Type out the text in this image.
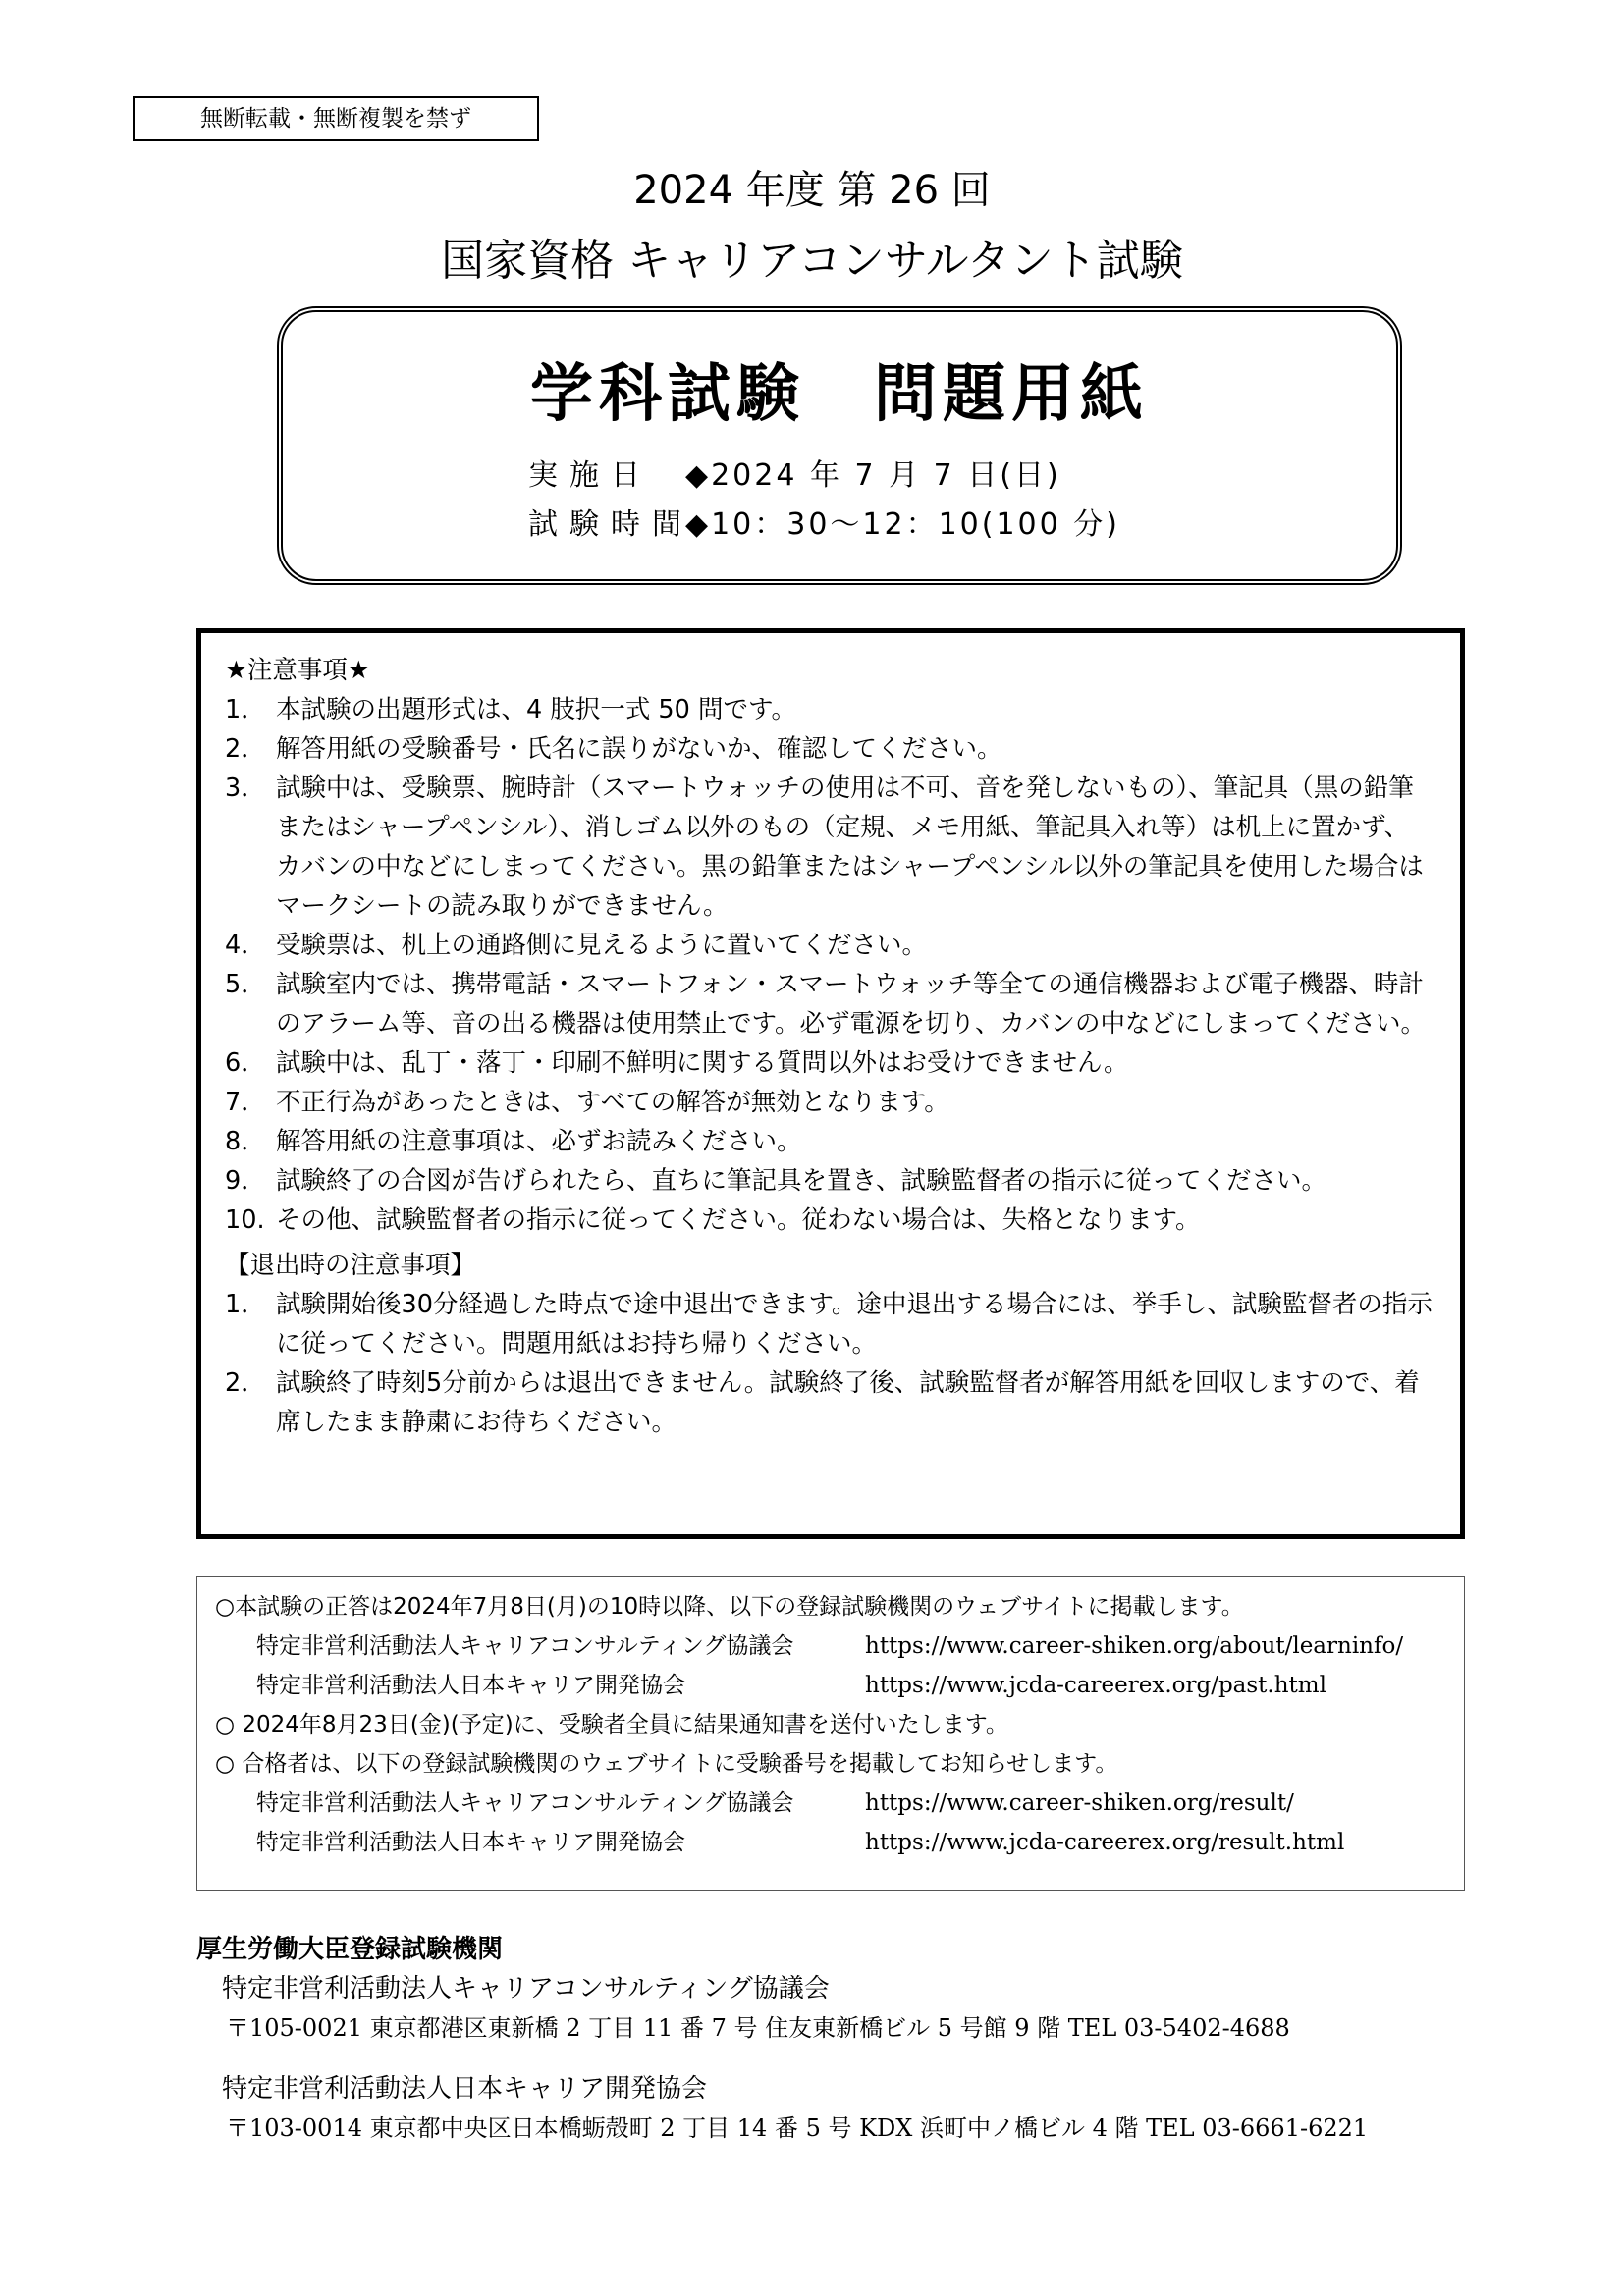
無断転載・無断複製を禁ず
2024 年度 第 26 回
国家資格 キャリアコンサルタント試験
学科試験　問題用紙
実施日 ◆2024 年 7 月 7 日(日)
試験時間◆10：30～12：10(100 分)
★注意事項★
1． 本試験の出題形式は、4 肢択一式 50 問です。
2． 解答用紙の受験番号・氏名に誤りがないか、確認してください。
3． 試験中は、受験票、腕時計（スマートウォッチの使用は不可、音を発しないもの）、筆記具（黒の鉛筆またはシャープペンシル）、消しゴム以外のもの（定規、メモ用紙、筆記具入れ等）は机上に置かず、カバンの中などにしまってください。黒の鉛筆またはシャープペンシル以外の筆記具を使用した場合はマークシートの読み取りができません。
4． 受験票は、机上の通路側に見えるように置いてください。
5． 試験室内では、携帯電話・スマートフォン・スマートウォッチ等全ての通信機器および電子機器、時計のアラーム等、音の出る機器は使用禁止です。必ず電源を切り、カバンの中などにしまってください。
6． 試験中は、乱丁・落丁・印刷不鮮明に関する質問以外はお受けできません。
7． 不正行為があったときは、すべての解答が無効となります。
8． 解答用紙の注意事項は、必ずお読みください。
9． 試験終了の合図が告げられたら、直ちに筆記具を置き、試験監督者の指示に従ってください。
10. その他、試験監督者の指示に従ってください。従わない場合は、失格となります。
【退出時の注意事項】
1． 試験開始後30分経過した時点で途中退出できます。途中退出する場合には、挙手し、試験監督者の指示に従ってください。問題用紙はお持ち帰りください。
2． 試験終了時刻5分前からは退出できません。試験終了後、試験監督者が解答用紙を回収しますので、着席したまま静粛にお待ちください。
○本試験の正答は2024年7月8日(月)の10時以降、以下の登録試験機関のウェブサイトに掲載します。
特定非営利活動法人キャリアコンサルティング協議会	https://www.career-shiken.org/about/learninfo/
特定非営利活動法人日本キャリア開発協会	https://www.jcda-careerex.org/past.html
○ 2024年8月23日(金)(予定)に、受験者全員に結果通知書を送付いたします。
○ 合格者は、以下の登録試験機関のウェブサイトに受験番号を掲載してお知らせします。
特定非営利活動法人キャリアコンサルティング協議会	https://www.career-shiken.org/result/
特定非営利活動法人日本キャリア開発協会	https://www.jcda-careerex.org/result.html
厚生労働大臣登録試験機関
特定非営利活動法人キャリアコンサルティング協議会
〒105-0021 東京都港区東新橋 2 丁目 11 番 7 号 住友東新橋ビル 5 号館 9 階 TEL 03-5402-4688
特定非営利活動法人日本キャリア開発協会
〒103-0014 東京都中央区日本橋蛎殻町 2 丁目 14 番 5 号 KDX 浜町中ノ橋ビル 4 階 TEL 03-6661-6221
